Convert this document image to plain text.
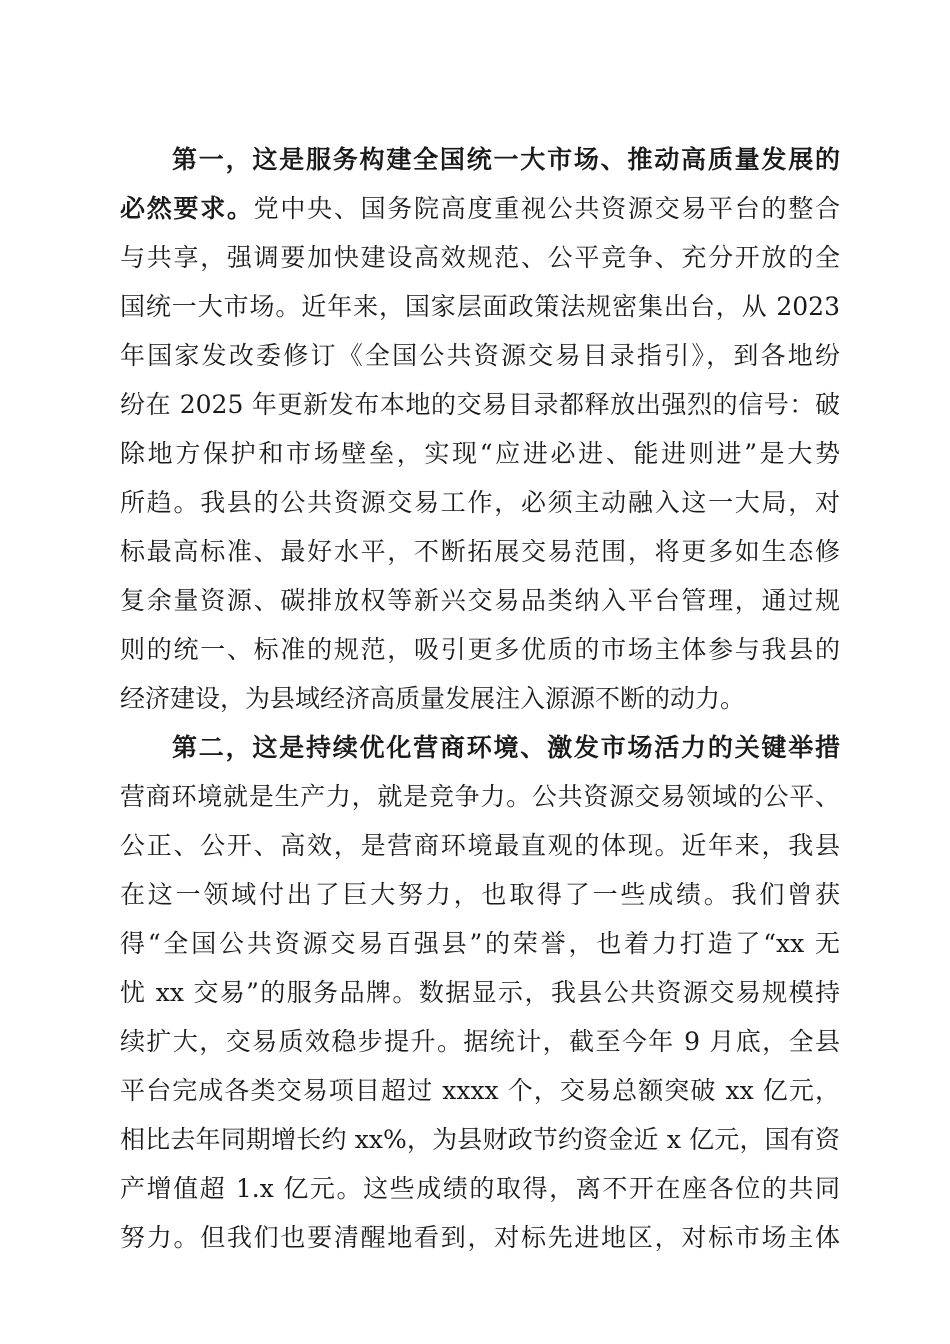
第一，这是服务构建全国统一大市场、推动高质量发展的
必然要求。党中央、国务院高度重视公共资源交易平台的整合
与共享，强调要加快建设高效规范、公平竞争、充分开放的全
国统一大市场。近年来，国家层面政策法规密集出台，从 2023
年国家发改委修订《全国公共资源交易目录指引》，到各地纷
纷在 2025 年更新发布本地的交易目录都释放出强烈的信号：破
除地方保护和市场壁垒，实现“应进必进、能进则进”是大势
所趋。我县的公共资源交易工作，必须主动融入这一大局，对
标最高标准、最好水平，不断拓展交易范围，将更多如生态修
复余量资源、碳排放权等新兴交易品类纳入平台管理，通过规
则的统一、标准的规范，吸引更多优质的市场主体参与我县的
经济建设，为县域经济高质量发展注入源源不断的动力。
第二，这是持续优化营商环境、激发市场活力的关键举措
营商环境就是生产力，就是竞争力。公共资源交易领域的公平、
公正、公开、高效，是营商环境最直观的体现。近年来，我县
在这一领域付出了巨大努力，也取得了一些成绩。我们曾获
得“全国公共资源交易百强县”的荣誉，也着力打造了“xx 无
忧 xx 交易”的服务品牌。数据显示，我县公共资源交易规模持
续扩大，交易质效稳步提升。据统计，截至今年 9 月底，全县
平台完成各类交易项目超过 xxxx 个，交易总额突破 xx 亿元，
相比去年同期增长约 xx%，为县财政节约资金近 x 亿元，国有资
产增值超 1.x 亿元。这些成绩的取得，离不开在座各位的共同
努力。但我们也要清醒地看到，对标先进地区，对标市场主体
